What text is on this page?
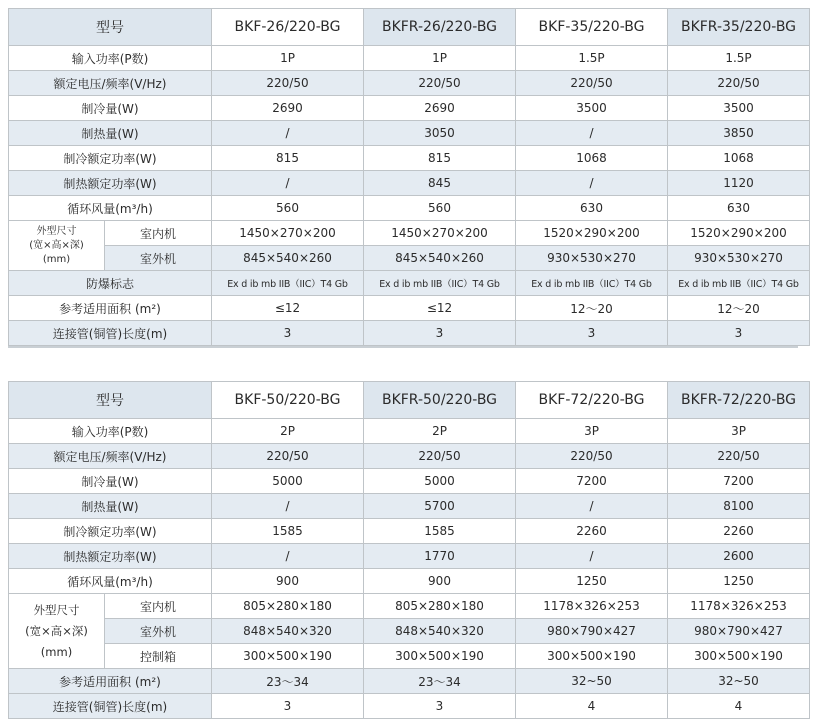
型号		BKF-26/220-BG	BKFR-26/220-BG	BKF-35/220-BG	BKFR-35/220-BG
输入功率(P数)		1P	1P	1.5P	1.5P
额定电压/频率(V/Hz)		220/50	220/50	220/50	220/50
制冷量(W)		2690	2690	3500	3500
制热量(W)		/	3050	/	3850
制冷额定功率(W)		815	815	1068	1068
制热额定功率(W)		/	845	/	1120
循环风量(m³/h)		560	560	630	630
外型尺寸
(宽×高×深)
(mm)	室内机	1450×270×200	1450×270×200	1520×290×200	1520×290×200
	室外机	845×540×260	845×540×260	930×530×270	930×530×270
防爆标志		Ex d ib mb IIB（IIC）T4 Gb	Ex d ib mb IIB（IIC）T4 Gb	Ex d ib mb IIB（IIC）T4 Gb	Ex d ib mb IIB（IIC）T4 Gb
参考适用面积 (m²)		≤12	≤12	12～20	12～20
连接管(铜管)长度(m)		3	3	3	3
型号		BKF-50/220-BG	BKFR-50/220-BG	BKF-72/220-BG	BKFR-72/220-BG
输入功率(P数)		2P	2P	3P	3P
额定电压/频率(V/Hz)		220/50	220/50	220/50	220/50
制冷量(W)		5000	5000	7200	7200
制热量(W)		/	5700	/	8100
制冷额定功率(W)		1585	1585	2260	2260
制热额定功率(W)		/	1770	/	2600
循环风量(m³/h)		900	900	1250	1250
外型尺寸
(宽×高×深)
(mm)	室内机	805×280×180	805×280×180	1178×326×253	1178×326×253
	室外机	848×540×320	848×540×320	980×790×427	980×790×427
	控制箱	300×500×190	300×500×190	300×500×190	300×500×190
参考适用面积 (m²)		23～34	23～34	32~50	32~50
连接管(铜管)长度(m)		3	3	4	4
